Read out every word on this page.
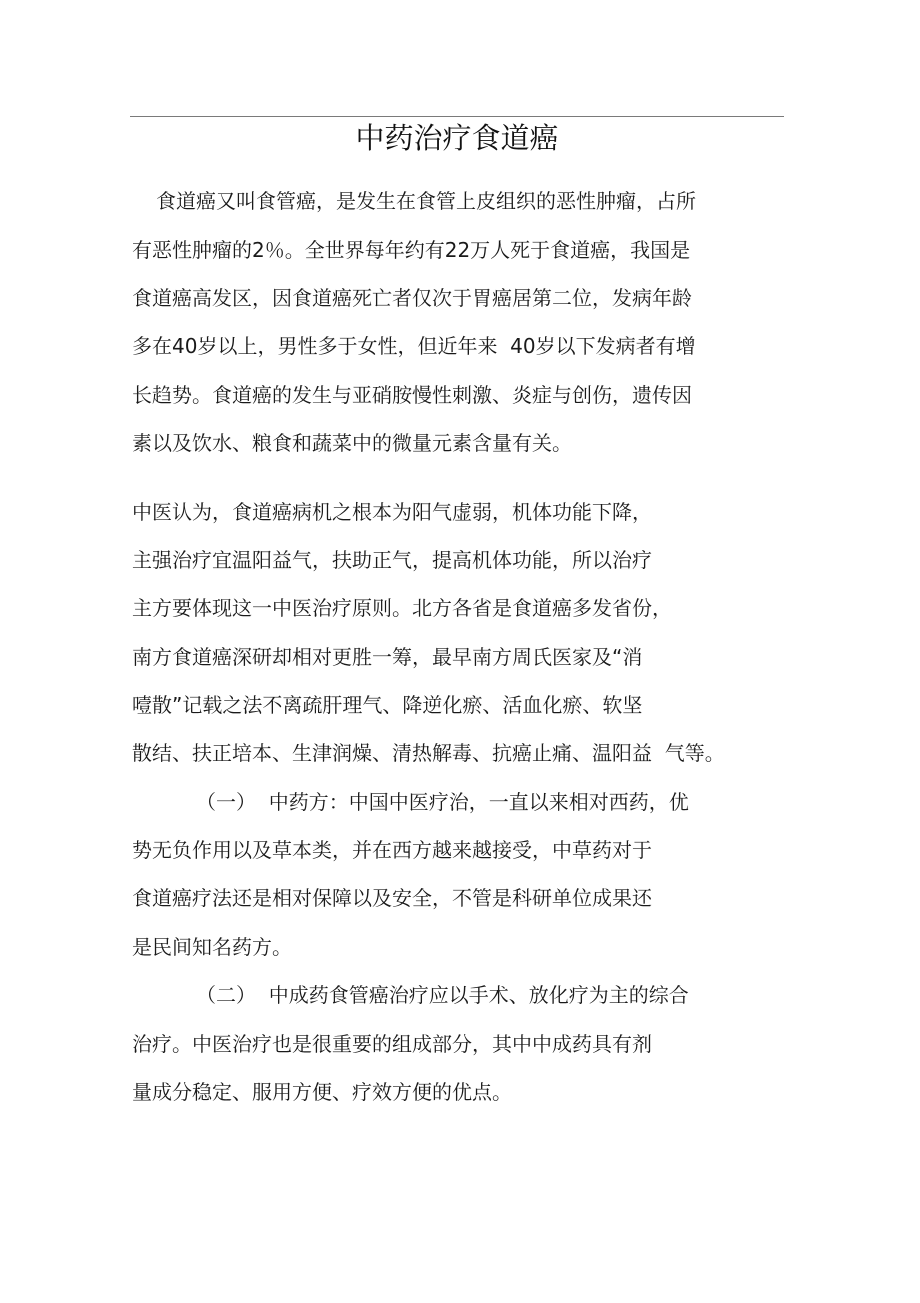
中药治疗食道癌
食道癌又叫食管癌，是发生在食管上皮组织的恶性肿瘤，占所
有恶性肿瘤的2％。全世界每年约有22万人死于食道癌，我国是
食道癌高发区，因食道癌死亡者仅次于胃癌居第二位，发病年龄
多在40岁以上，男性多于女性，但近年来  40岁以下发病者有增
长趋势。食道癌的发生与亚硝胺慢性刺激、炎症与创伤，遗传因
素以及饮水、粮食和蔬菜中的微量元素含量有关。
中医认为，食道癌病机之根本为阳气虚弱，机体功能下降，
主强治疗宜温阳益气，扶助正气，提高机体功能，所以治疗
主方要体现这一中医治疗原则。北方各省是食道癌多发省份，
南方食道癌深研却相对更胜一筹，最早南方周氏医家及“消
噎散”记载之法不离疏肝理气、降逆化瘀、活血化瘀、软坚
散结、扶正培本、生津润燥、清热解毒、抗癌止痛、温阳益  气等。
（一）  中药方：中国中医疗治，一直以来相对西药，优
势无负作用以及草本类，并在西方越来越接受，中草药对于
食道癌疗法还是相对保障以及安全，不管是科研单位成果还
是民间知名药方。
（二）  中成药食管癌治疗应以手术、放化疗为主的综合
治疗。中医治疗也是很重要的组成部分，其中中成药具有剂
量成分稳定、服用方便、疗效方便的优点。
